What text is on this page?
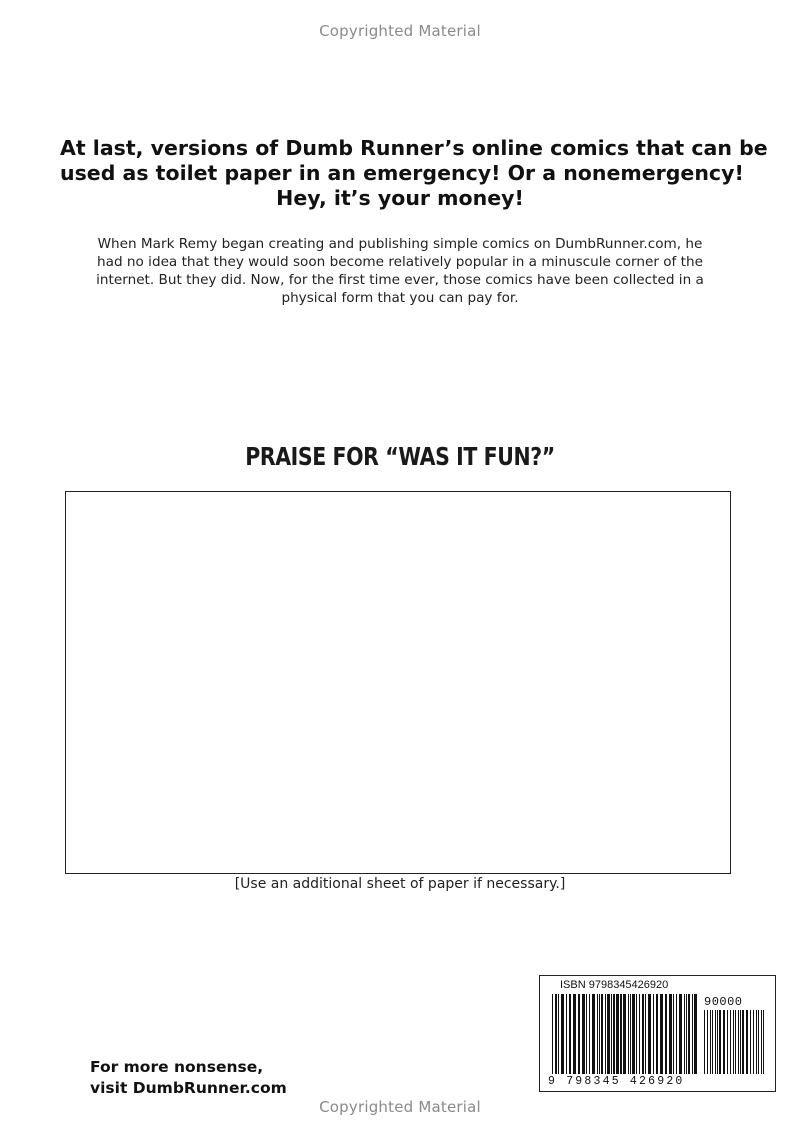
Copyrighted Material
At last, versions of Dumb Runner’s online comics that can be
used as toilet paper in an emergency! Or a nonemergency!
Hey, it’s your money!
When Mark Remy began creating and publishing simple comics on DumbRunner.com, he
had no idea that they would soon become relatively popular in a minuscule corner of the
internet. But they did. Now, for the first time ever, those comics have been collected in a
physical form that you can pay for.
PRAISE FOR “WAS IT FUN?”
[Use an additional sheet of paper if necessary.]
For more nonsense,
visit DumbRunner.com
ISBN 9798345426920
90000
9 798345 426920
Copyrighted Material
